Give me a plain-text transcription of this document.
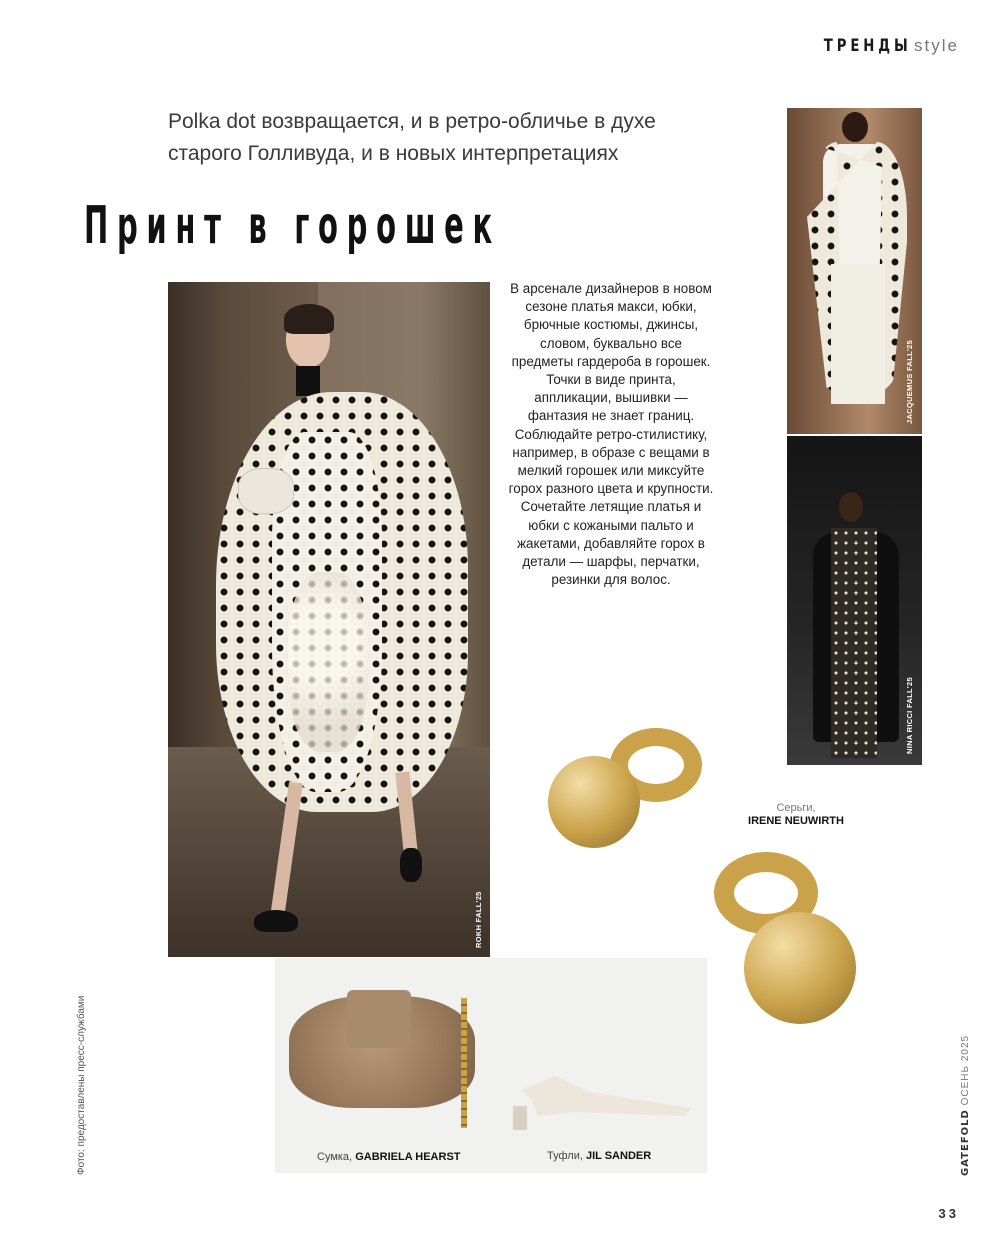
ТРЕНДЫ style
Polka dot возвращается, и в ретро-обличье в духе старого Голливуда, и в новых интерпретациях
Принт в горошек
ROKH FALL'25
В арсенале дизайнеров в новом сезоне платья макси, юбки, брючные костюмы, джинсы, словом, буквально все предметы гардероба в горошек. Точки в виде принта, аппликации, вышивки — фантазия не знает границ. Соблюдайте ретро-стилистику, например, в образе с вещами в мелкий горошек или миксуйте горох разного цвета и крупности. Сочетайте летящие платья и юбки с кожаными пальто и жакетами, добавляйте горох в детали — шарфы, перчатки, резинки для волос.
JACQUEMUS FALL'25
NINA RICCI FALL'25
Серьги,
IRENE NEUWIRTH
Сумка, GABRIELA HEARST	Туфли, JIL SANDER
Фото: предоставлены пресс-службами	GATEFOLD ОСЕНЬ 2025
33
